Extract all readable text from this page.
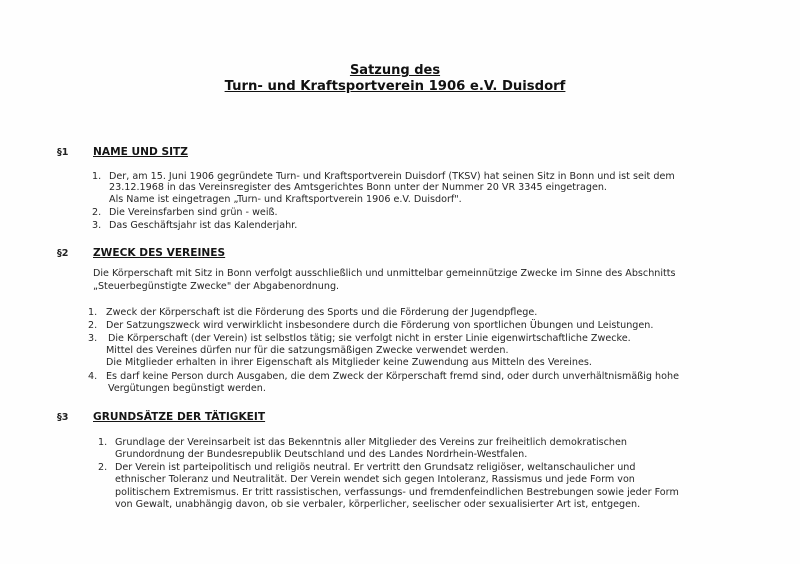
Satzung des
Turn- und Kraftsportverein 1906 e.V. Duisdorf
§1 NAME UND SITZ
1. Der, am 15. Juni 1906 gegründete Turn- und Kraftsportverein Duisdorf (TKSV) hat seinen Sitz in Bonn und ist seit dem
23.12.1968 in das Vereinsregister des Amtsgerichtes Bonn unter der Nummer 20 VR 3345 eingetragen.
Als Name ist eingetragen „Turn- und Kraftsportverein 1906 e.V. Duisdorf".
2. Die Vereinsfarben sind grün - weiß.
3. Das Geschäftsjahr ist das Kalenderjahr.
§2 ZWECK DES VEREINES
Die Körperschaft mit Sitz in Bonn verfolgt ausschließlich und unmittelbar gemeinnützige Zwecke im Sinne des Abschnitts
„Steuerbegünstigte Zwecke" der Abgabenordnung.
1. Zweck der Körperschaft ist die Förderung des Sports und die Förderung der Jugendpflege.
2. Der Satzungszweck wird verwirklicht insbesondere durch die Förderung von sportlichen Übungen und Leistungen.
3. Die Körperschaft (der Verein) ist selbstlos tätig; sie verfolgt nicht in erster Linie eigenwirtschaftliche Zwecke.
Mittel des Vereines dürfen nur für die satzungsmäßigen Zwecke verwendet werden.
Die Mitglieder erhalten in ihrer Eigenschaft als Mitglieder keine Zuwendung aus Mitteln des Vereines.
4. Es darf keine Person durch Ausgaben, die dem Zweck der Körperschaft fremd sind, oder durch unverhältnismäßig hohe
Vergütungen begünstigt werden.
§3 GRUNDSÄTZE DER TÄTIGKEIT
1. Grundlage der Vereinsarbeit ist das Bekenntnis aller Mitglieder des Vereins zur freiheitlich demokratischen
Grundordnung der Bundesrepublik Deutschland und des Landes Nordrhein-Westfalen.
2. Der Verein ist parteipolitisch und religiös neutral. Er vertritt den Grundsatz religiöser, weltanschaulicher und
ethnischer Toleranz und Neutralität. Der Verein wendet sich gegen Intoleranz, Rassismus und jede Form von
politischem Extremismus. Er tritt rassistischen, verfassungs- und fremdenfeindlichen Bestrebungen sowie jeder Form
von Gewalt, unabhängig davon, ob sie verbaler, körperlicher, seelischer oder sexualisierter Art ist, entgegen.
